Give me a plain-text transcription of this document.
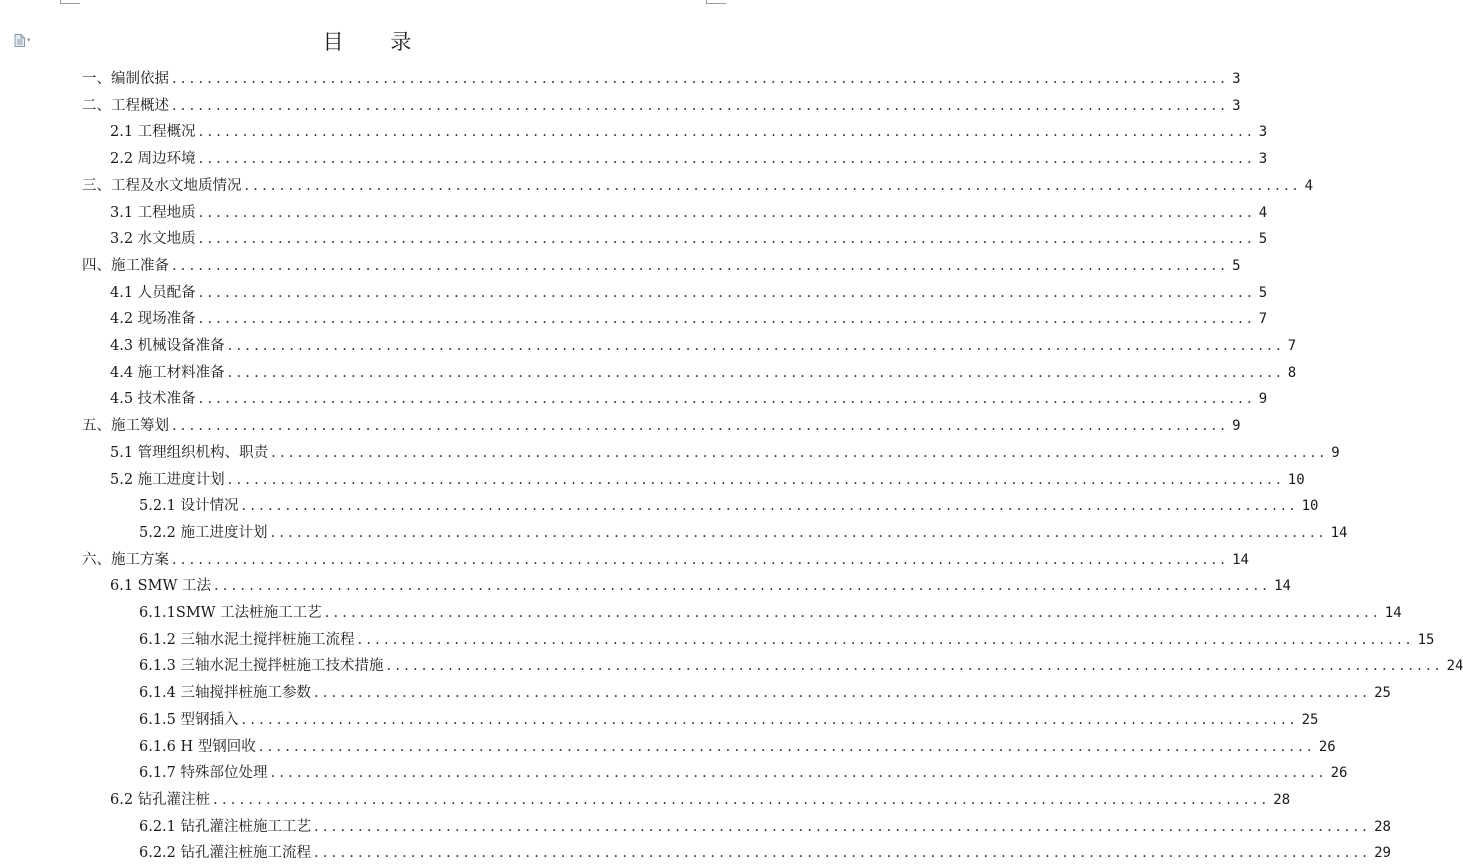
▾	目 录
一、编制依据 ........................................................................................................................ 3
二、工程概述 ........................................................................................................................ 3
2.1 工程概况 ........................................................................................................................ 3
2.2 周边环境 ........................................................................................................................ 3
三、工程及水文地质情况 ........................................................................................................................ 4
3.1 工程地质 ........................................................................................................................ 4
3.2 水文地质 ........................................................................................................................ 5
四、施工准备 ........................................................................................................................ 5
4.1 人员配备 ........................................................................................................................ 5
4.2 现场准备 ........................................................................................................................ 7
4.3 机械设备准备 ........................................................................................................................ 7
4.4 施工材料准备 ........................................................................................................................ 8
4.5 技术准备 ........................................................................................................................ 9
五、施工筹划 ........................................................................................................................ 9
5.1 管理组织机构、职责 ........................................................................................................................ 9
5.2 施工进度计划 ........................................................................................................................ 10
5.2.1 设计情况 ........................................................................................................................ 10
5.2.2 施工进度计划 ........................................................................................................................ 14
六、施工方案 ........................................................................................................................ 14
6.1 SMW 工法 ........................................................................................................................ 14
6.1.1SMW 工法桩施工工艺 ........................................................................................................................ 14
6.1.2 三轴水泥土搅拌桩施工流程 ........................................................................................................................ 15
6.1.3 三轴水泥土搅拌桩施工技术措施 ........................................................................................................................ 24
6.1.4 三轴搅拌桩施工参数 ........................................................................................................................ 25
6.1.5 型钢插入 ........................................................................................................................ 25
6.1.6 H 型钢回收 ........................................................................................................................ 26
6.1.7 特殊部位处理 ........................................................................................................................ 26
6.2 钻孔灌注桩 ........................................................................................................................ 28
6.2.1 钻孔灌注桩施工工艺 ........................................................................................................................ 28
6.2.2 钻孔灌注桩施工流程 ........................................................................................................................ 29
